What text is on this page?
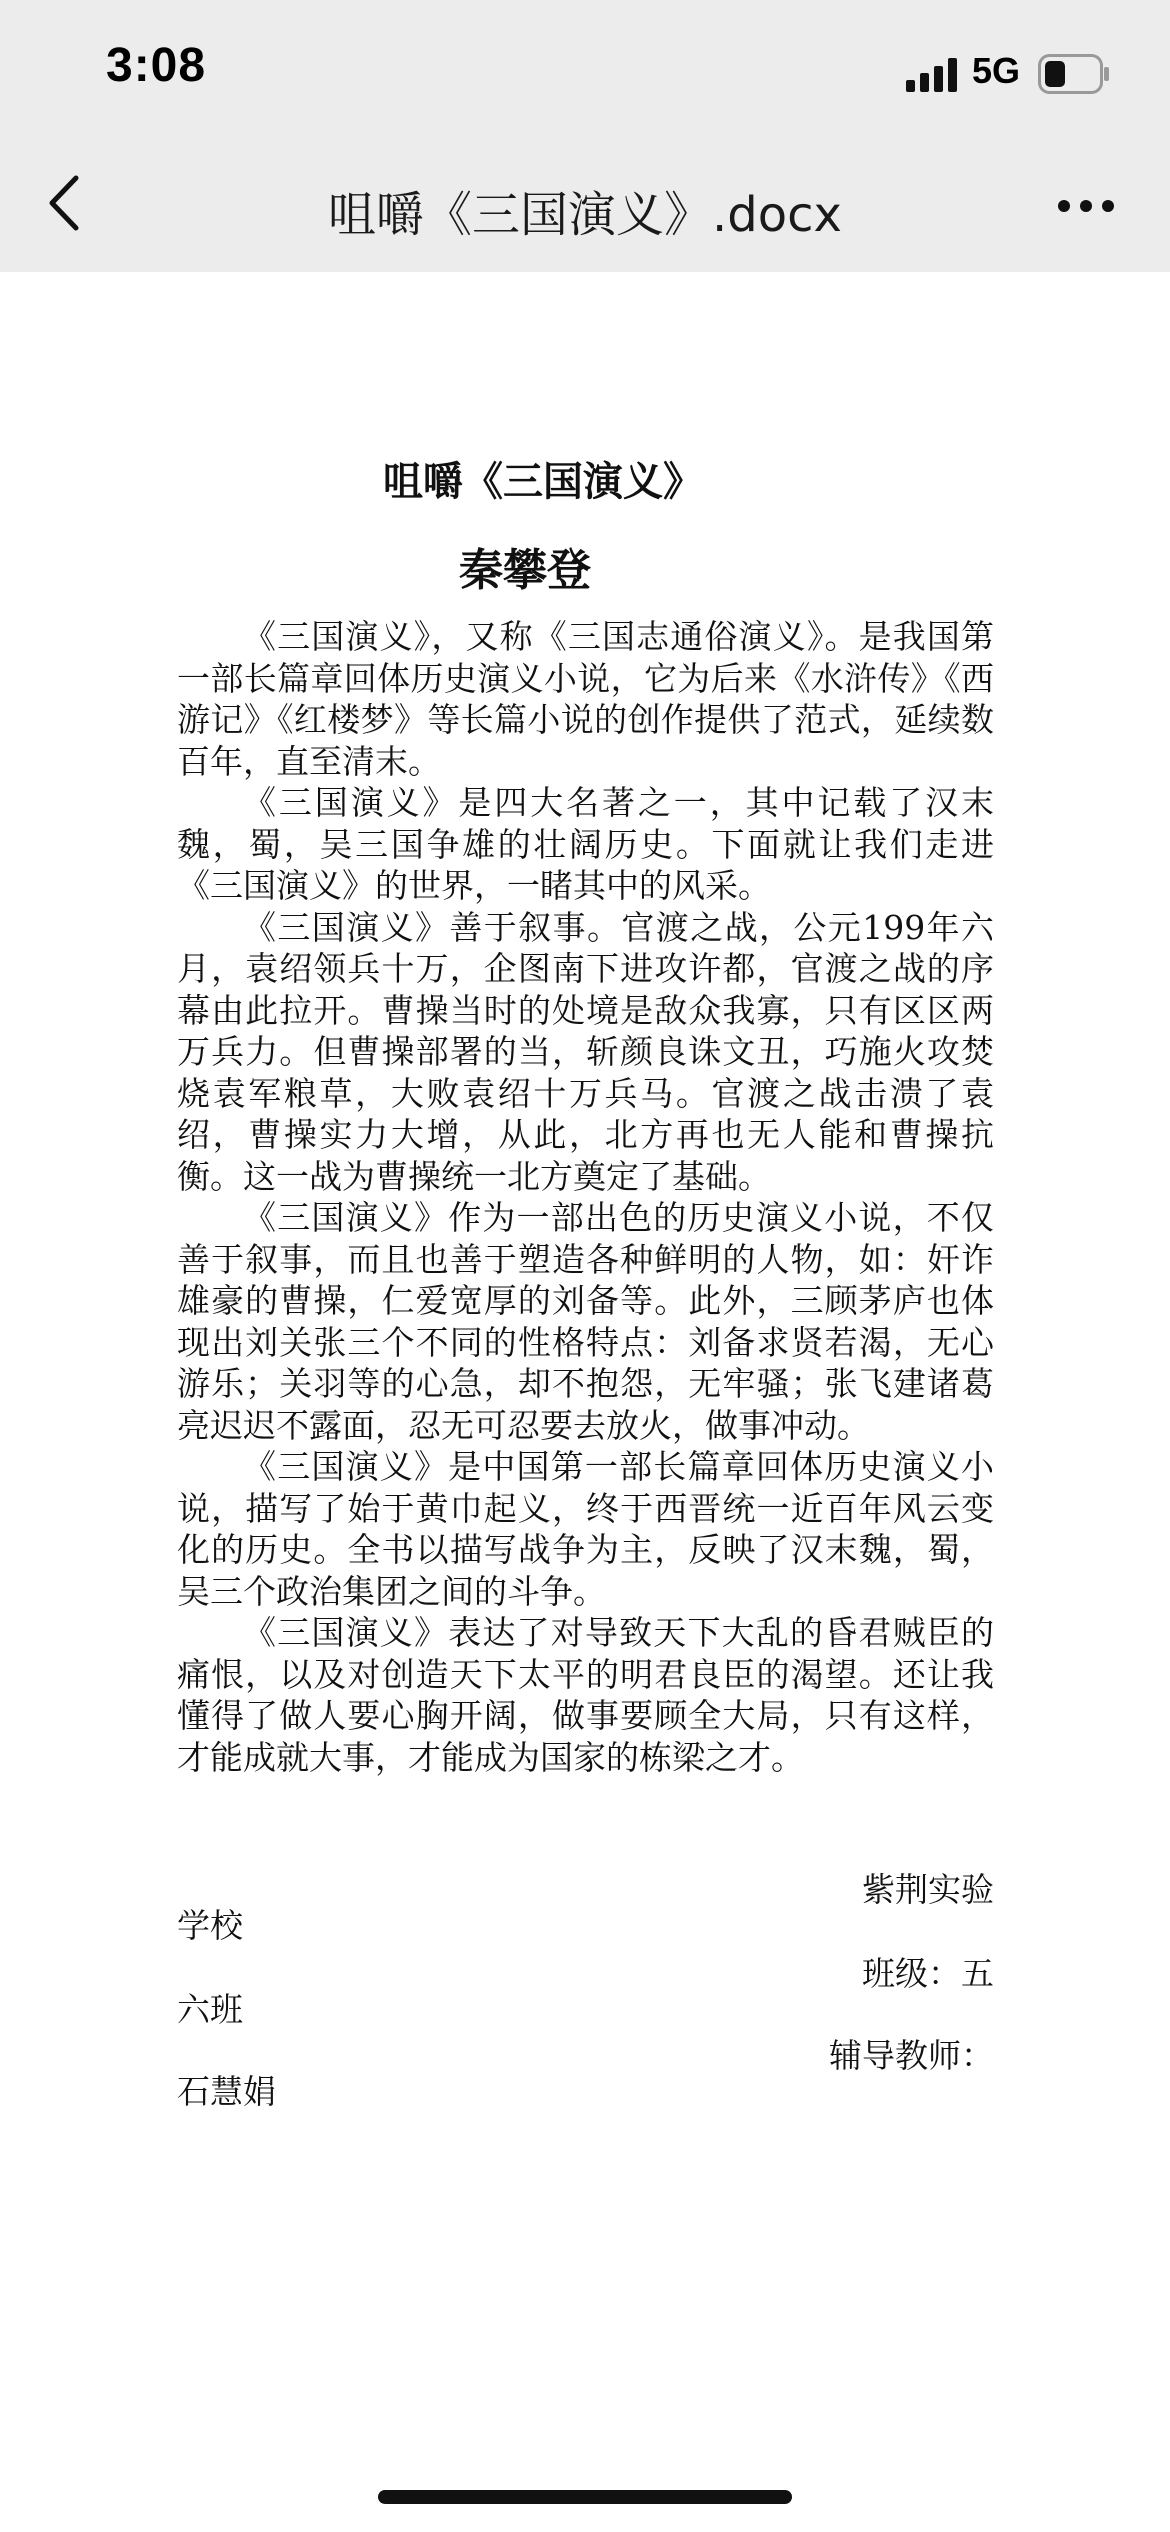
3:08	5G
咀嚼《三国演义》.docx
咀嚼《三国演义》
秦攀登

《三国演义》，又称《三国志通俗演义》。是我国第一部长篇章回体历史演义小说，它为后来《水浒传》《西游记》《红楼梦》等长篇小说的创作提供了范式，延续数百年，直至清末。

《三国演义》是四大名著之一，其中记载了汉末魏，蜀，吴三国争雄的壮阔历史。下面就让我们走进《三国演义》的世界，一睹其中的风采。

《三国演义》善于叙事。官渡之战，公元199年六月，袁绍领兵十万，企图南下进攻许都，官渡之战的序幕由此拉开。曹操当时的处境是敌众我寡，只有区区两万兵力。但曹操部署的当，斩颜良诛文丑，巧施火攻焚烧袁军粮草，大败袁绍十万兵马。官渡之战击溃了袁绍，曹操实力大增，从此，北方再也无人能和曹操抗衡。这一战为曹操统一北方奠定了基础。

《三国演义》作为一部出色的历史演义小说，不仅善于叙事，而且也善于塑造各种鲜明的人物，如：奸诈雄豪的曹操，仁爱宽厚的刘备等。此外，三顾茅庐也体现出刘关张三个不同的性格特点：刘备求贤若渴，无心游乐；关羽等的心急，却不抱怨，无牢骚；张飞建诸葛亮迟迟不露面，忍无可忍要去放火，做事冲动。

《三国演义》是中国第一部长篇章回体历史演义小说，描写了始于黄巾起义，终于西晋统一近百年风云变化的历史。全书以描写战争为主，反映了汉末魏，蜀，吴三个政治集团之间的斗争。

《三国演义》表达了对导致天下大乱的昏君贼臣的痛恨，以及对创造天下太平的明君良臣的渴望。还让我懂得了做人要心胸开阔，做事要顾全大局，只有这样，才能成就大事，才能成为国家的栋梁之才。

紫荆实验
学校
班级：五
六班
辅导教师：
石慧娟
